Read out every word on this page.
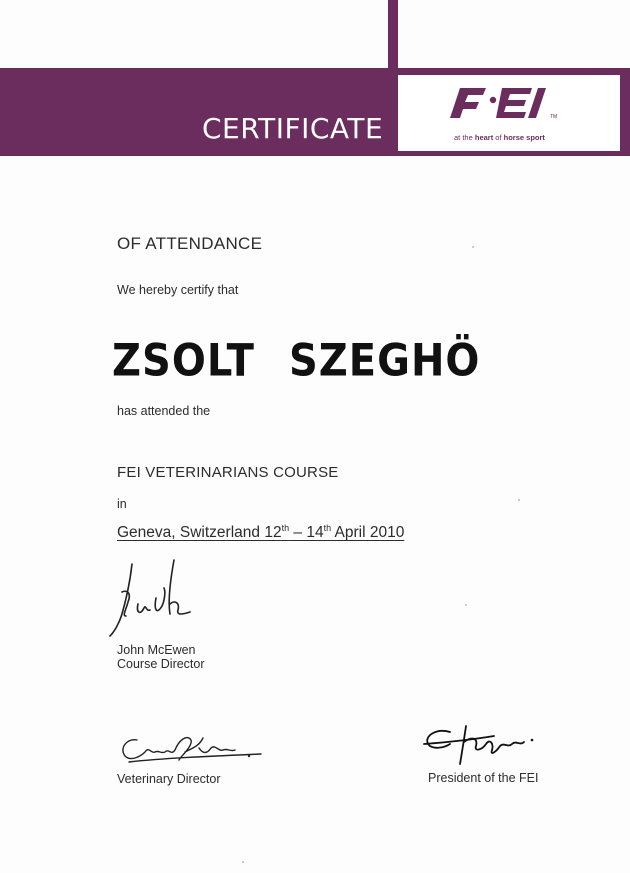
CERTIFICATE	TM
at the heart of horse sport
OF ATTENDANCE
We hereby certify that
ZSOLT SZEGHÖ
has attended the
FEI VETERINARIANS COURSE
in
Geneva, Switzerland 12th – 14th April 2010
John McEwen
Course Director
Veterinary Director	President of the FEI
